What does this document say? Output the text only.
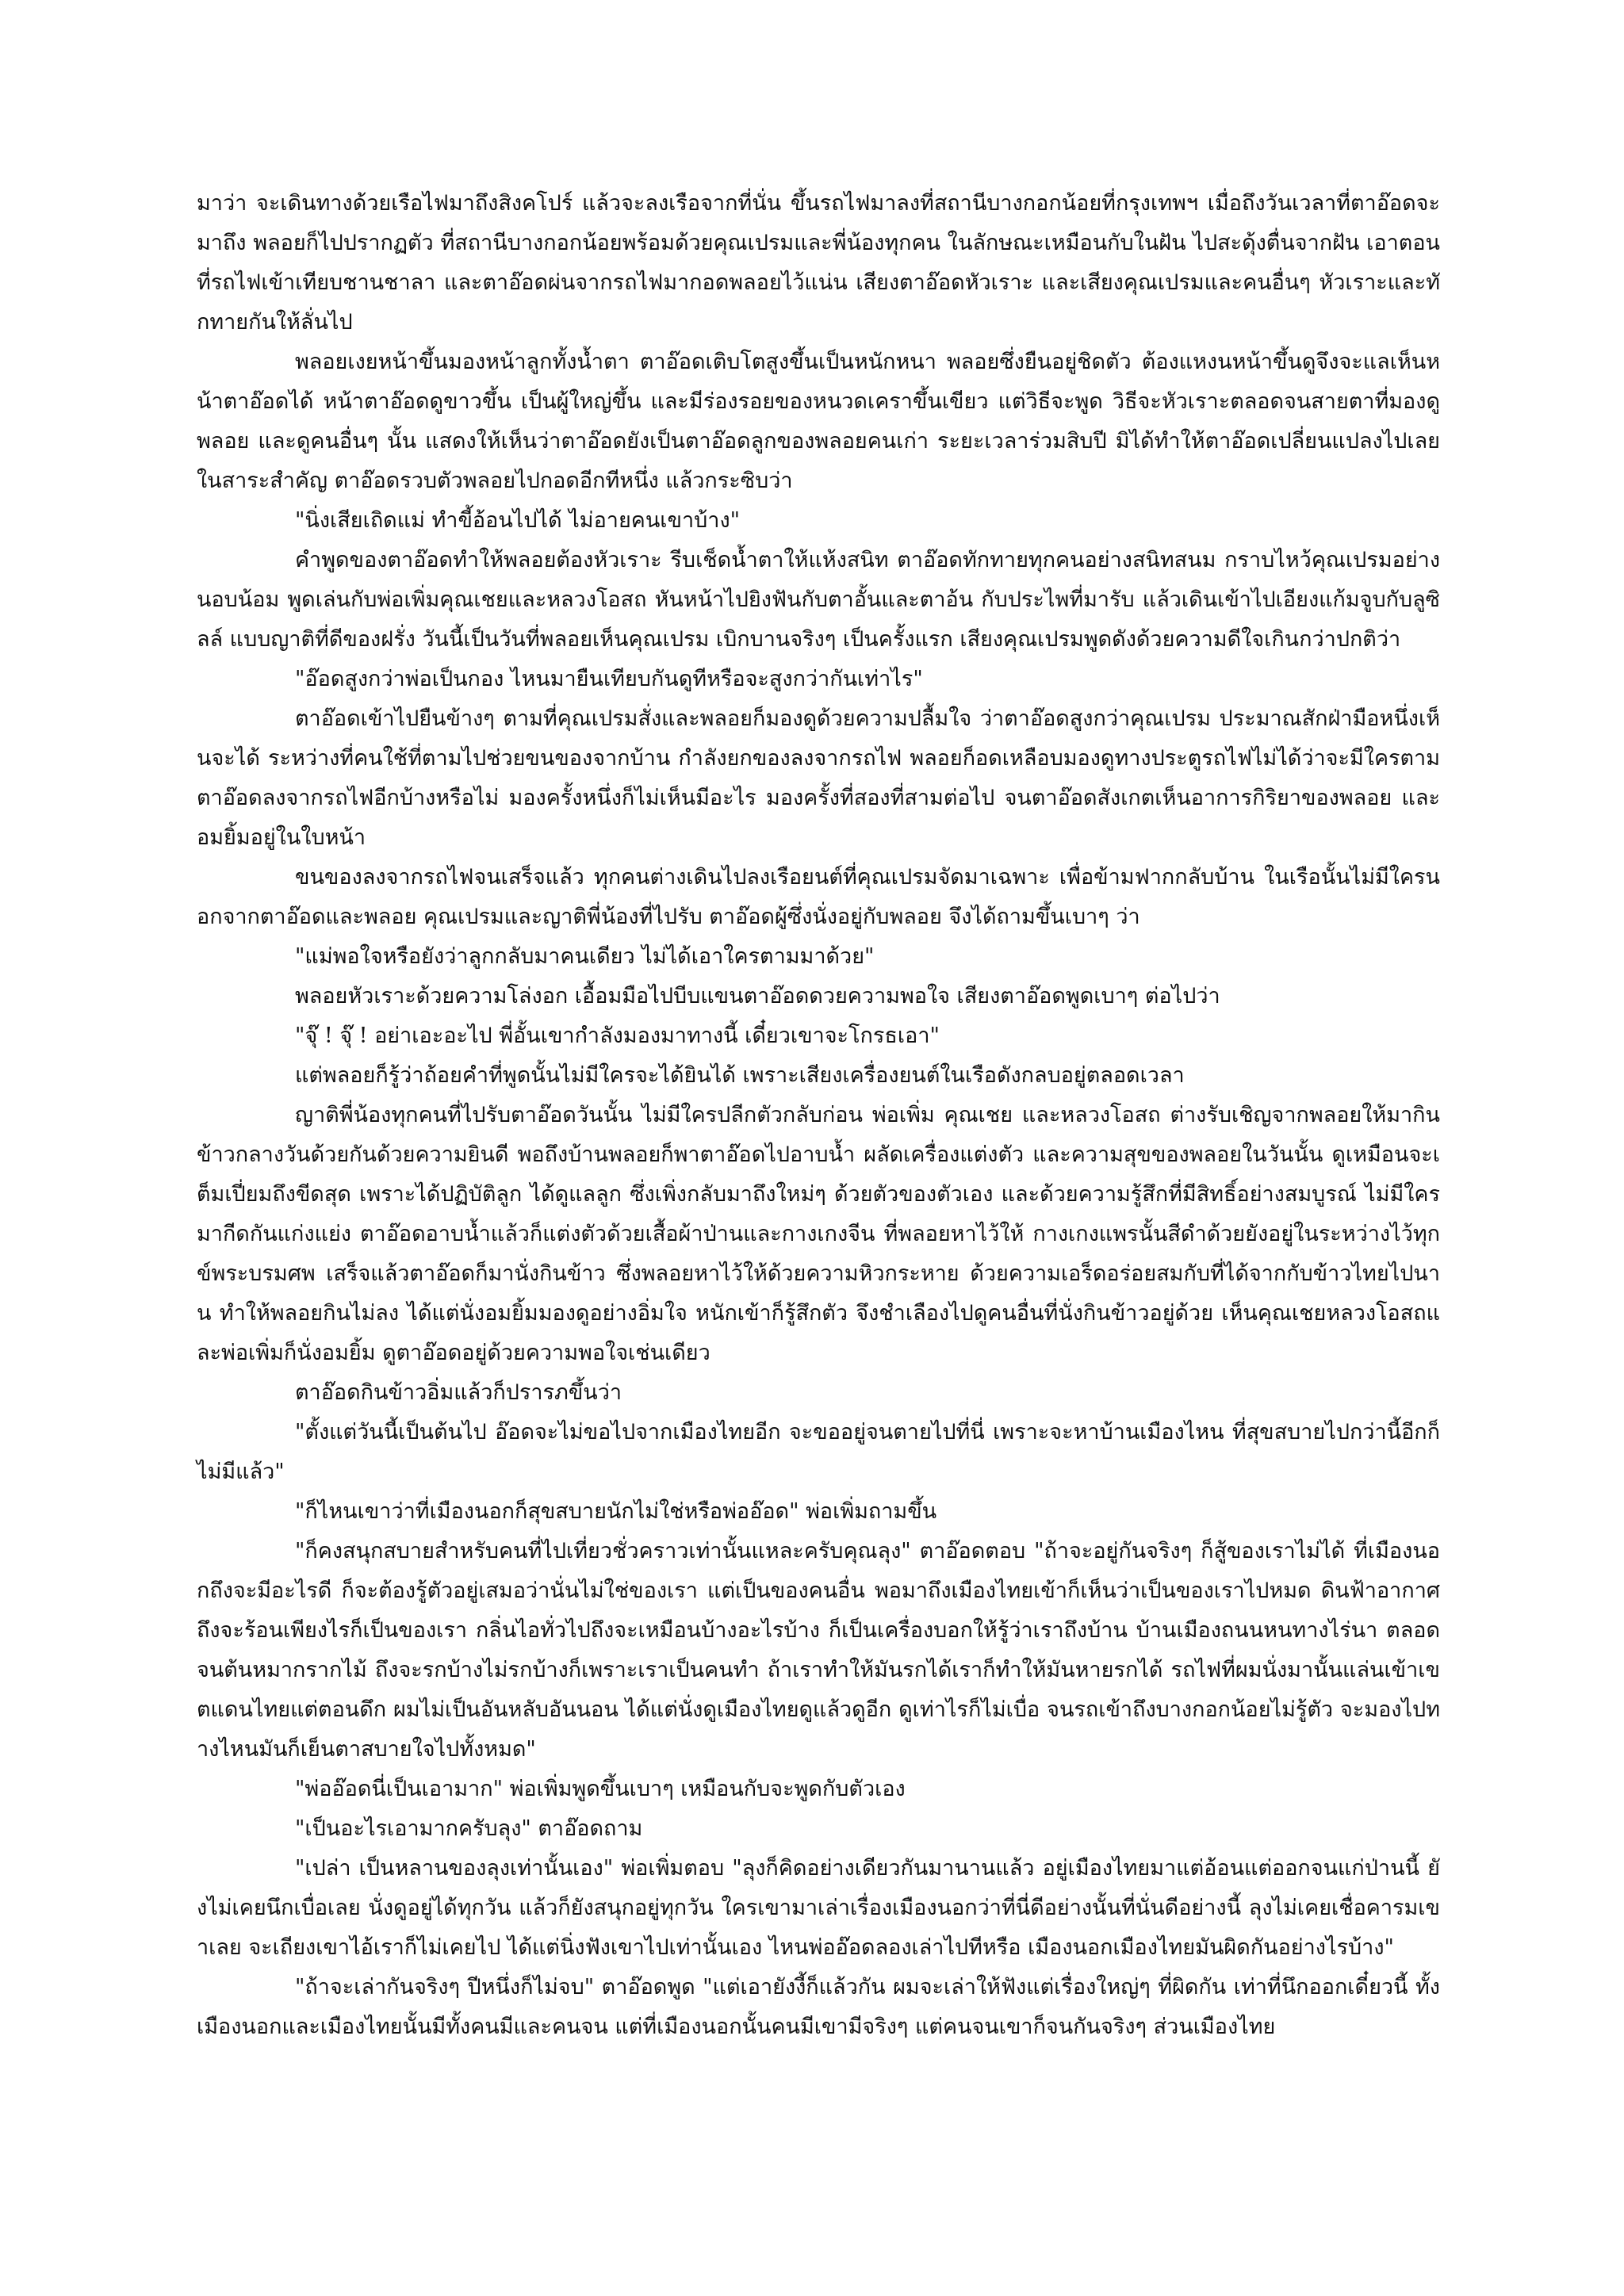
มาว่า จะเดินทางด้วยเรือไฟมาถึงสิงคโปร์ แล้วจะลงเรือจากที่นั่น ขึ้นรถไฟมาลงที่สถานีบางกอกน้อยที่กรุงเทพฯ เมื่อถึงวันเวลาที่ตาอ๊อดจะมาถึง พลอยก็ไปปรากฏตัว ที่สถานีบางกอกน้อยพร้อมด้วยคุณเปรมและพี่น้องทุกคน ในลักษณะเหมือนกับในฝัน ไปสะดุ้งตื่นจากฝัน เอาตอนที่รถไฟเข้าเทียบชานชาลา และตาอ๊อดผ่นจากรถไฟมากอดพลอยไว้แน่น เสียงตาอ๊อดหัวเราะ และเสียงคุณเปรมและคนอื่นๆ หัวเราะและทักทายกันให้ลั่นไป

พลอยเงยหน้าขึ้นมองหน้าลูกทั้งน้ำตา ตาอ๊อดเติบโตสูงขึ้นเป็นหนักหนา พลอยซึ่งยืนอยู่ชิดตัว ต้องแหงนหน้าขึ้นดูจึงจะแลเห็นหน้าตาอ๊อดได้ หน้าตาอ๊อดดูขาวขึ้น เป็นผู้ใหญ่ขึ้น และมีร่องรอยของหนวดเคราขึ้นเขียว แต่วิธีจะพูด วิธีจะหัวเราะตลอดจนสายตาที่มองดูพลอย และดูคนอื่นๆ นั้น แสดงให้เห็นว่าตาอ๊อดยังเป็นตาอ๊อดลูกของพลอยคนเก่า ระยะเวลาร่วมสิบปี มิได้ทำให้ตาอ๊อดเปลี่ยนแปลงไปเลยในสาระสำคัญ ตาอ๊อดรวบตัวพลอยไปกอดอีกทีหนึ่ง แล้วกระซิบว่า

"นิ่งเสียเถิดแม่ ทำขี้อ้อนไปได้ ไม่อายคนเขาบ้าง"

คำพูดของตาอ๊อดทำให้พลอยต้องหัวเราะ รีบเช็ดน้ำตาให้แห้งสนิท ตาอ๊อดทักทายทุกคนอย่างสนิทสนม กราบไหว้คุณเปรมอย่างนอบน้อม พูดเล่นกับพ่อเพิ่มคุณเชยและหลวงโอสถ หันหน้าไปยิงฟันกับตาอั้นและตาอ้น กับประไพที่มารับ แล้วเดินเข้าไปเอียงแก้มจูบกับลูซิลล์ แบบญาติที่ดีของฝรั่ง วันนี้เป็นวันที่พลอยเห็นคุณเปรม เบิกบานจริงๆ เป็นครั้งแรก เสียงคุณเปรมพูดดังด้วยความดีใจเกินกว่าปกติว่า

"อ๊อดสูงกว่าพ่อเป็นกอง ไหนมายืนเทียบกันดูทีหรือจะสูงกว่ากันเท่าไร"

ตาอ๊อดเข้าไปยืนข้างๆ ตามที่คุณเปรมสั่งและพลอยก็มองดูด้วยความปลื้มใจ ว่าตาอ๊อดสูงกว่าคุณเปรม ประมาณสักฝ่ามือหนึ่งเห็นจะได้ ระหว่างที่คนใช้ที่ตามไปช่วยขนของจากบ้าน กำลังยกของลงจากรถไฟ พลอยก็อดเหลือบมองดูทางประตูรถไฟไม่ได้ว่าจะมีใครตามตาอ๊อดลงจากรถไฟอีกบ้างหรือไม่ มองครั้งหนึ่งก็ไม่เห็นมีอะไร มองครั้งที่สองที่สามต่อไป จนตาอ๊อดสังเกตเห็นอาการกิริยาของพลอย และอมยิ้มอยู่ในใบหน้า

ขนของลงจากรถไฟจนเสร็จแล้ว ทุกคนต่างเดินไปลงเรือยนต์ที่คุณเปรมจัดมาเฉพาะ เพื่อข้ามฟากกลับบ้าน ในเรือนั้นไม่มีใครนอกจากตาอ๊อดและพลอย คุณเปรมและญาติพี่น้องที่ไปรับ ตาอ๊อดผู้ซึ่งนั่งอยู่กับพลอย จึงได้ถามขึ้นเบาๆ ว่า

"แม่พอใจหรือยังว่าลูกกลับมาคนเดียว ไม่ได้เอาใครตามมาด้วย"

พลอยหัวเราะด้วยความโล่งอก เอื้อมมือไปบีบแขนตาอ๊อดดวยความพอใจ เสียงตาอ๊อดพูดเบาๆ ต่อไปว่า

"จุ๊ ! จุ๊ ! อย่าเอะอะไป พี่อั้นเขากำลังมองมาทางนี้ เดี๋ยวเขาจะโกรธเอา"

แต่พลอยก็รู้ว่าถ้อยคำที่พูดนั้นไม่มีใครจะได้ยินได้ เพราะเสียงเครื่องยนต์ในเรือดังกลบอยู่ตลอดเวลา

ญาติพี่น้องทุกคนที่ไปรับตาอ๊อดวันนั้น ไม่มีใครปลีกตัวกลับก่อน พ่อเพิ่ม คุณเชย และหลวงโอสถ ต่างรับเชิญจากพลอยให้มากินข้าวกลางวันด้วยกันด้วยความยินดี พอถึงบ้านพลอยก็พาตาอ๊อดไปอาบน้ำ ผลัดเครื่องแต่งตัว และความสุขของพลอยในวันนั้น ดูเหมือนจะเต็มเปี่ยมถึงขีดสุด เพราะได้ปฏิบัติลูก ได้ดูแลลูก ซึ่งเพิ่งกลับมาถึงใหม่ๆ ด้วยตัวของตัวเอง และด้วยความรู้สึกที่มีสิทธิ์อย่างสมบูรณ์ ไม่มีใครมากีดกันแก่งแย่ง ตาอ๊อดอาบน้ำแล้วก็แต่งตัวด้วยเสื้อผ้าป่านและกางเกงจีน ที่พลอยหาไว้ให้ กางเกงแพรนั้นสีดำด้วยยังอยู่ในระหว่างไว้ทุกข์พระบรมศพ เสร็จแล้วตาอ๊อดก็มานั่งกินข้าว ซึ่งพลอยหาไว้ให้ด้วยความหิวกระหาย ด้วยความเอร็ดอร่อยสมกับที่ได้จากกับข้าวไทยไปนาน ทำให้พลอยกินไม่ลง ได้แต่นั่งอมยิ้มมองดูอย่างอิ่มใจ หนักเข้าก็รู้สึกตัว จึงชำเลืองไปดูคนอื่นที่นั่งกินข้าวอยู่ด้วย เห็นคุณเชยหลวงโอสถและพ่อเพิ่มก็นั่งอมยิ้ม ดูตาอ๊อดอยู่ด้วยความพอใจเช่นเดียว

ตาอ๊อดกินข้าวอิ่มแล้วก็ปรารภขึ้นว่า

"ตั้งแต่วันนี้เป็นต้นไป อ๊อดจะไม่ขอไปจากเมืองไทยอีก จะขออยู่จนตายไปที่นี่ เพราะจะหาบ้านเมืองไหน ที่สุขสบายไปกว่านี้อีกก็ไม่มีแล้ว"

"ก็ไหนเขาว่าที่เมืองนอกก็สุขสบายนักไม่ใช่หรือพ่ออ๊อด" พ่อเพิ่มถามขึ้น

"ก็คงสนุกสบายสำหรับคนที่ไปเที่ยวชั่วคราวเท่านั้นแหละครับคุณลุง" ตาอ๊อดตอบ "ถ้าจะอยู่กันจริงๆ ก็สู้ของเราไม่ได้ ที่เมืองนอกถึงจะมีอะไรดี ก็จะต้องรู้ตัวอยู่เสมอว่านั่นไม่ใช่ของเรา แต่เป็นของคนอื่น พอมาถึงเมืองไทยเข้าก็เห็นว่าเป็นของเราไปหมด ดินฟ้าอากาศถึงจะร้อนเพียงไรก็เป็นของเรา กลิ่นไอทั่วไปถึงจะเหมือนบ้างอะไรบ้าง ก็เป็นเครื่องบอกให้รู้ว่าเราถึงบ้าน บ้านเมืองถนนหนทางไร่นา ตลอดจนต้นหมากรากไม้ ถึงจะรกบ้างไม่รกบ้างก็เพราะเราเป็นคนทำ ถ้าเราทำให้มันรกได้เราก็ทำให้มันหายรกได้ รถไฟที่ผมนั่งมานั้นแล่นเข้าเขตแดนไทยแต่ตอนดึก ผมไม่เป็นอันหลับอันนอน ได้แต่นั่งดูเมืองไทยดูแล้วดูอีก ดูเท่าไรก็ไม่เบื่อ จนรถเข้าถึงบางกอกน้อยไม่รู้ตัว จะมองไปทางไหนมันก็เย็นตาสบายใจไปทั้งหมด"

"พ่ออ๊อดนี่เป็นเอามาก" พ่อเพิ่มพูดขึ้นเบาๆ เหมือนกับจะพูดกับตัวเอง

"เป็นอะไรเอามากครับลุง" ตาอ๊อดถาม

"เปล่า เป็นหลานของลุงเท่านั้นเอง" พ่อเพิ่มตอบ "ลุงก็คิดอย่างเดียวกันมานานแล้ว อยู่เมืองไทยมาแต่อ้อนแต่ออกจนแก่ป่านนี้ ยังไม่เคยนึกเบื่อเลย นั่งดูอยู่ได้ทุกวัน แล้วก็ยังสนุกอยู่ทุกวัน ใครเขามาเล่าเรื่องเมืองนอกว่าที่นี่ดีอย่างนั้นที่นั่นดีอย่างนี้ ลุงไม่เคยเชื่อคารมเขาเลย จะเถียงเขาไอ้เราก็ไม่เคยไป ได้แต่นิ่งฟังเขาไปเท่านั้นเอง ไหนพ่ออ๊อดลองเล่าไปทีหรือ เมืองนอกเมืองไทยมันผิดกันอย่างไรบ้าง"

"ถ้าจะเล่ากันจริงๆ ปีหนึ่งก็ไม่จบ" ตาอ๊อดพูด "แต่เอายังงี้ก็แล้วกัน ผมจะเล่าให้ฟังแต่เรื่องใหญ่ๆ ที่ผิดกัน เท่าที่นึกออกเดี๋ยวนี้ ทั้งเมืองนอกและเมืองไทยนั้นมีทั้งคนมีและคนจน แต่ที่เมืองนอกนั้นคนมีเขามีจริงๆ แต่คนจนเขาก็จนกันจริงๆ ส่วนเมืองไทย
